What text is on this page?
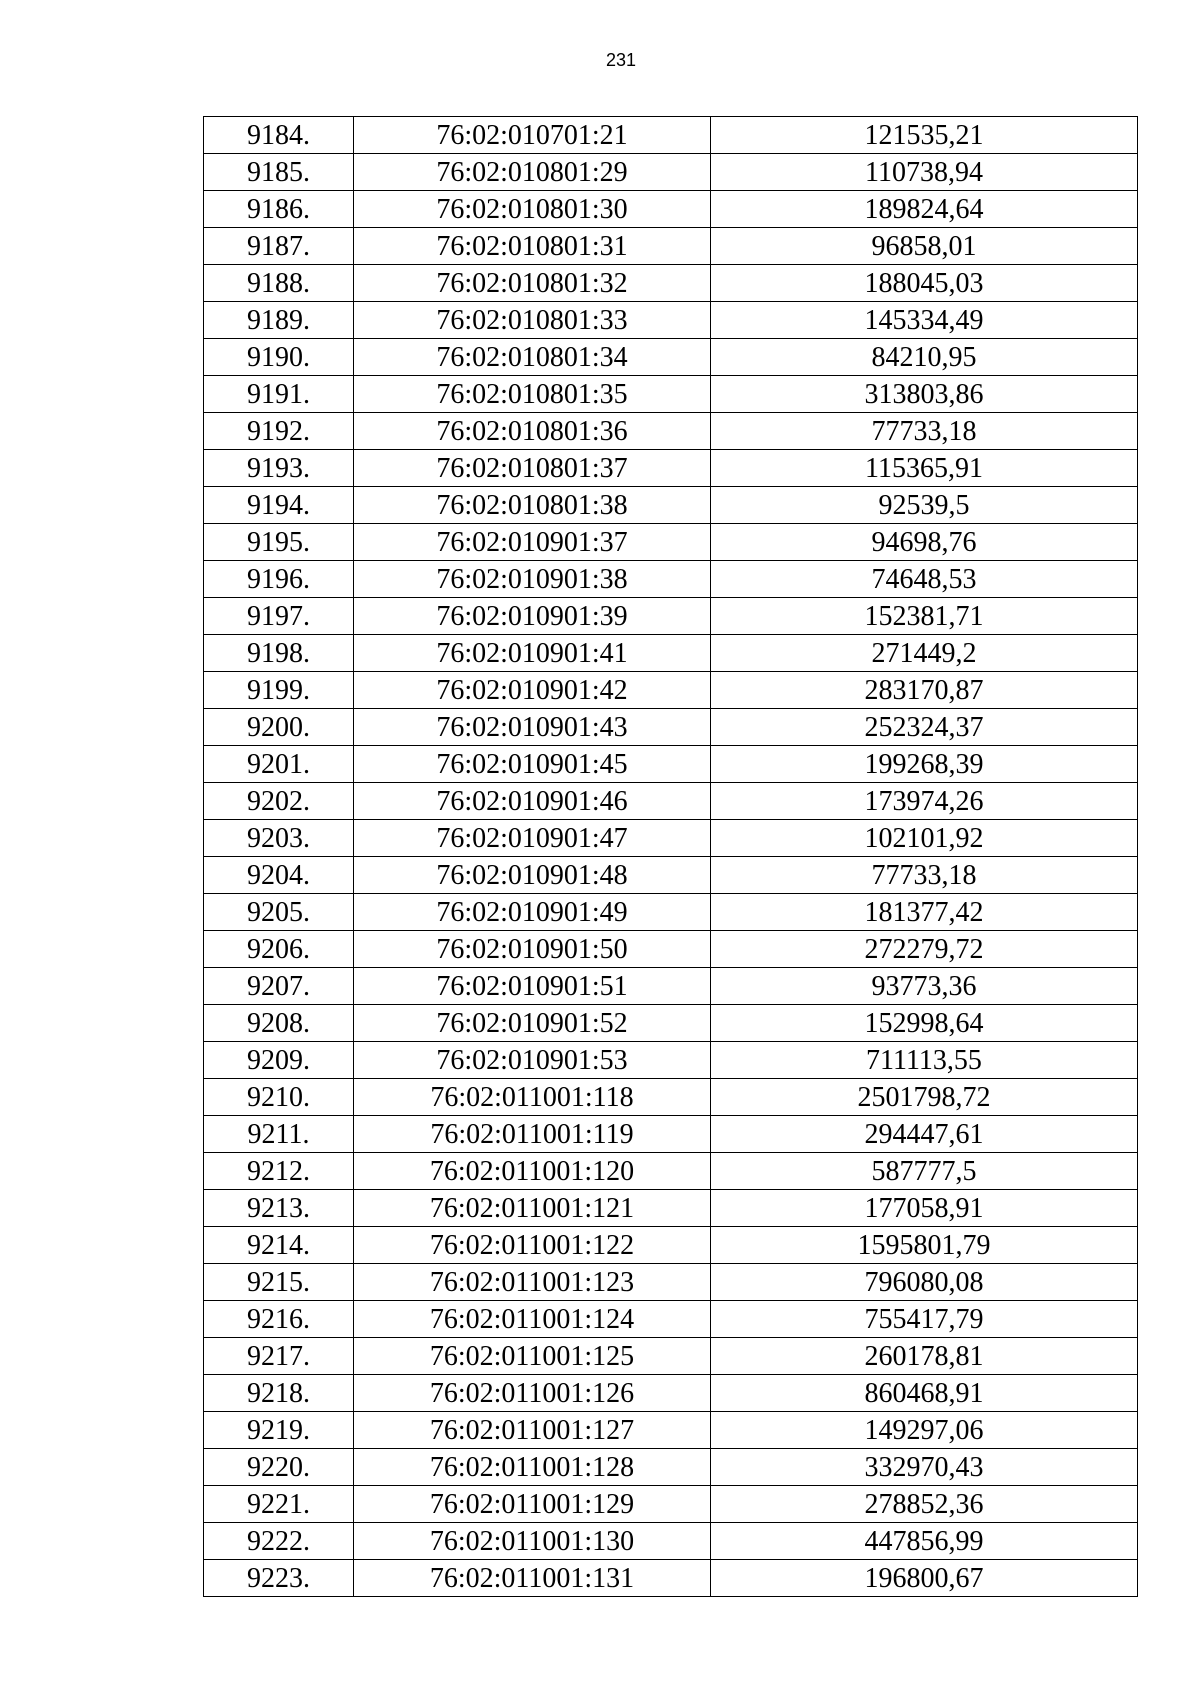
231
9184.	76:02:010701:21	121535,21
9185.	76:02:010801:29	110738,94
9186.	76:02:010801:30	189824,64
9187.	76:02:010801:31	96858,01
9188.	76:02:010801:32	188045,03
9189.	76:02:010801:33	145334,49
9190.	76:02:010801:34	84210,95
9191.	76:02:010801:35	313803,86
9192.	76:02:010801:36	77733,18
9193.	76:02:010801:37	115365,91
9194.	76:02:010801:38	92539,5
9195.	76:02:010901:37	94698,76
9196.	76:02:010901:38	74648,53
9197.	76:02:010901:39	152381,71
9198.	76:02:010901:41	271449,2
9199.	76:02:010901:42	283170,87
9200.	76:02:010901:43	252324,37
9201.	76:02:010901:45	199268,39
9202.	76:02:010901:46	173974,26
9203.	76:02:010901:47	102101,92
9204.	76:02:010901:48	77733,18
9205.	76:02:010901:49	181377,42
9206.	76:02:010901:50	272279,72
9207.	76:02:010901:51	93773,36
9208.	76:02:010901:52	152998,64
9209.	76:02:010901:53	711113,55
9210.	76:02:011001:118	2501798,72
9211.	76:02:011001:119	294447,61
9212.	76:02:011001:120	587777,5
9213.	76:02:011001:121	177058,91
9214.	76:02:011001:122	1595801,79
9215.	76:02:011001:123	796080,08
9216.	76:02:011001:124	755417,79
9217.	76:02:011001:125	260178,81
9218.	76:02:011001:126	860468,91
9219.	76:02:011001:127	149297,06
9220.	76:02:011001:128	332970,43
9221.	76:02:011001:129	278852,36
9222.	76:02:011001:130	447856,99
9223.	76:02:011001:131	196800,67
